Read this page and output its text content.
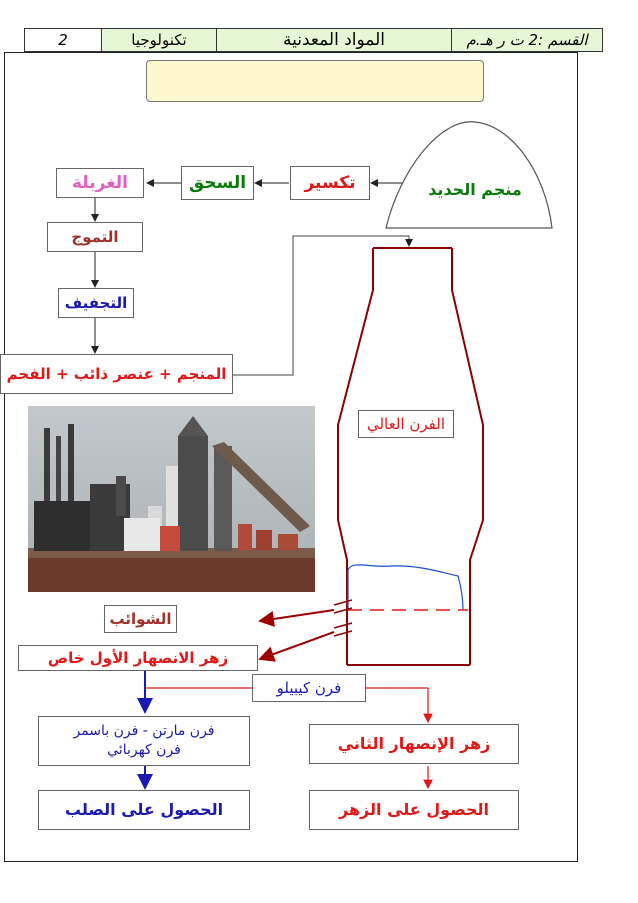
2	تكنولوجيا	المواد المعدنية	القسم :2 ت ر هـ.م
منجم الحديد
تكسير
السحق
الغربلة
التموج
التجفيف
المنجم + عنصر ذائب + الفحم
الفرن العالي
الشوائب
زهر الانصهار الأول خاص
فرن كيبيلو
فرن مارتن - فرن باسمر
فرن كهربائي	زهر الإنصهار الثاني
الحصول على الصلب	الحصول على الزهر
